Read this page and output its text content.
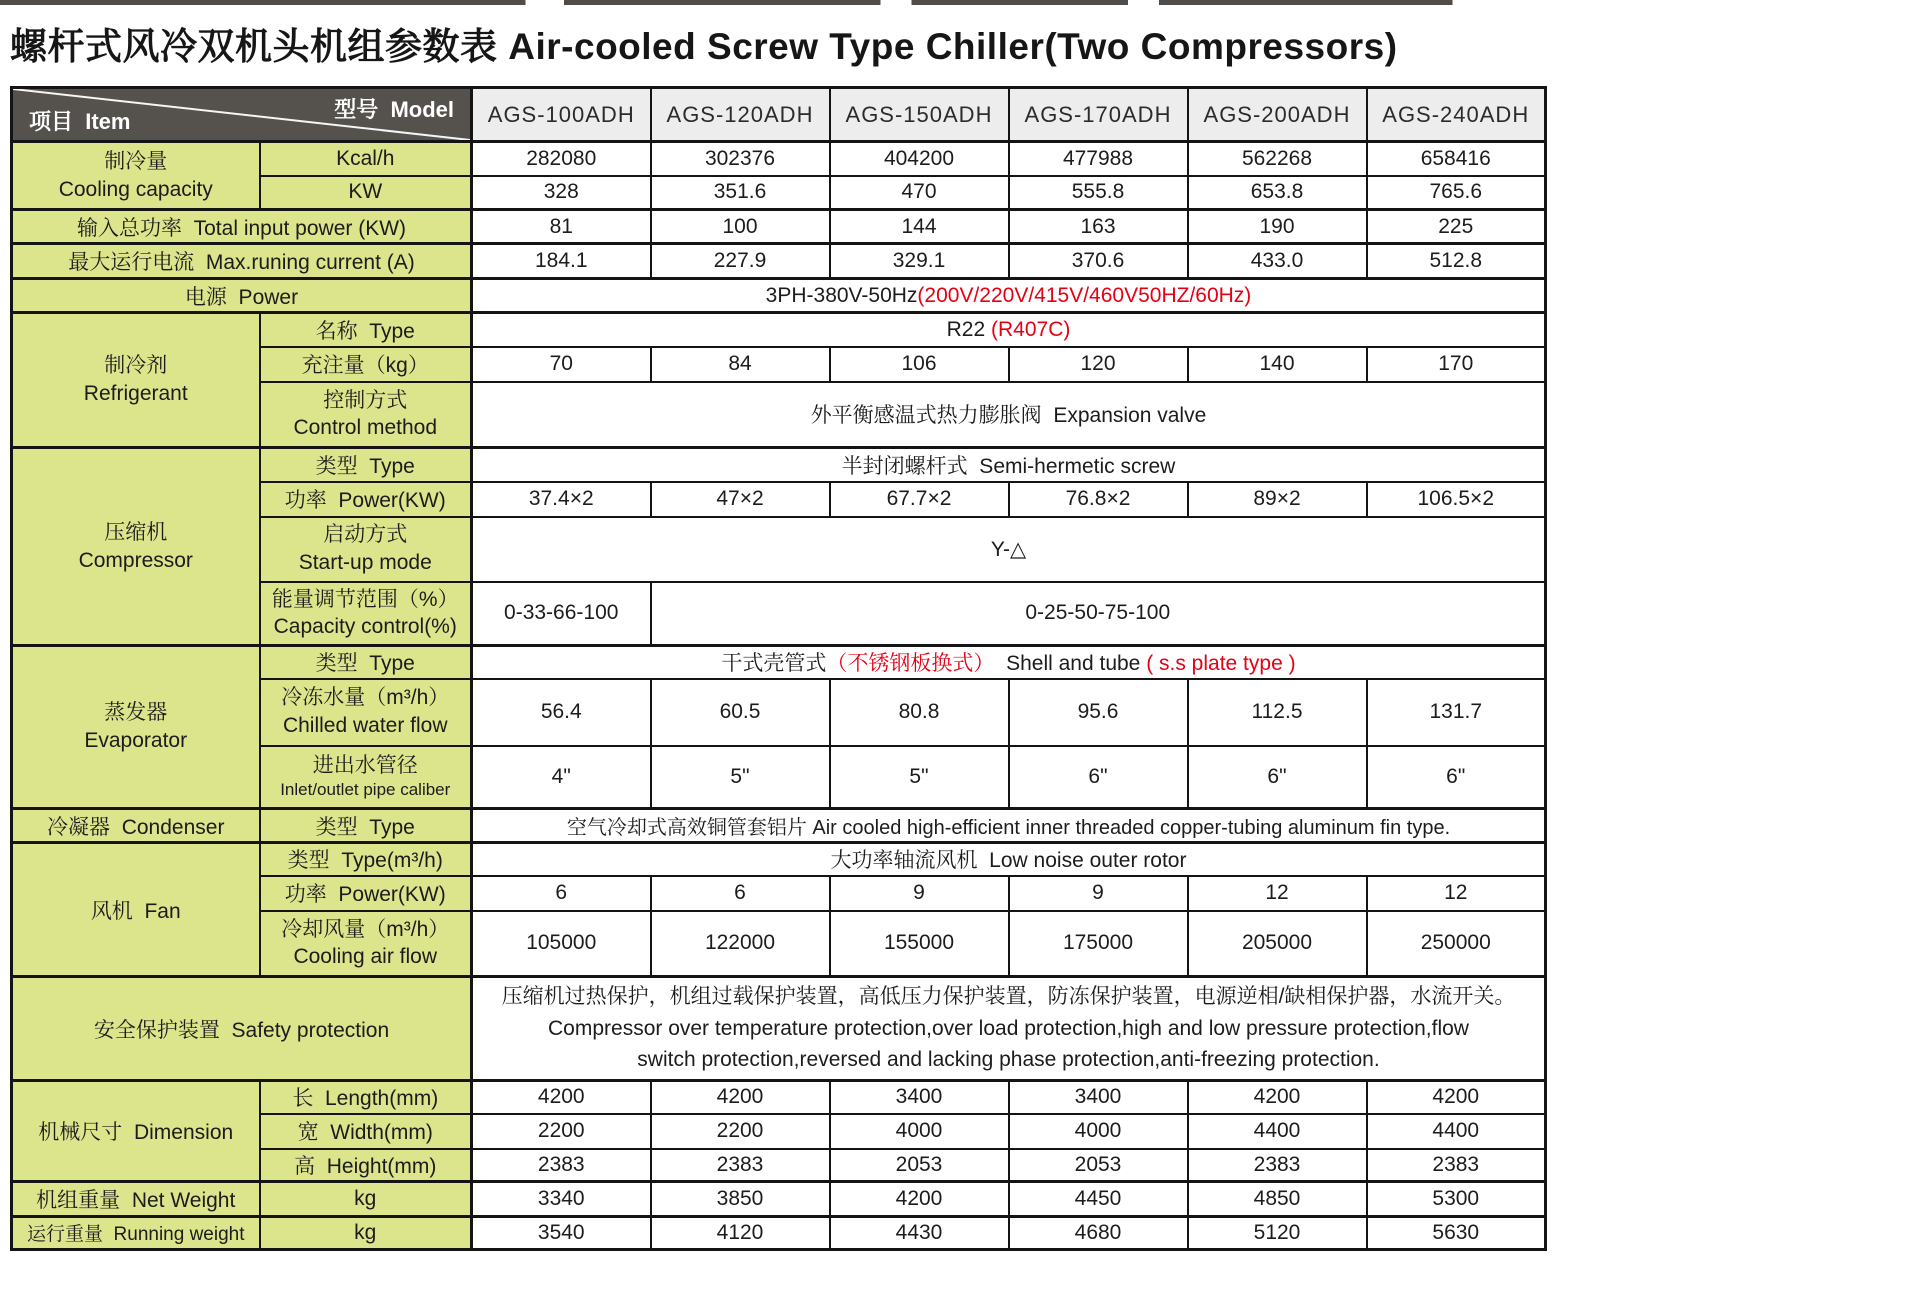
螺杆式风冷双机头机组参数表 Air-cooled Screw Type Chiller(Two Compressors)
型号  Model
项目  Item		AGS-100ADH	AGS-120ADH	AGS-150ADH	AGS-170ADH	AGS-200ADH	AGS-240ADH

制冷量
Cooling capacity	Kcal/h	282080	302376	404200	477988	562268	658416
	KW	328	351.6	470	555.8	653.8	765.6
输入总功率  Total input power (KW)		81	100	144	163	190	225
最大运行电流  Max.runing current (A)		184.1	227.9	329.1	370.6	433.0	512.8
电源  Power		3PH-380V-50Hz(200V/220V/415V/460V50HZ/60Hz)					

制冷剂
Refrigerant	名称  Type	R22 (R407C)					
	充注量（kg）	70	84	106	120	140	170

	控制方式
Control method	外平衡感温式热力膨胀阀  Expansion valve					

压缩机
Compressor	类型  Type	半封闭螺杆式  Semi-hermetic screw					
	功率  Power(KW)	37.4×2	47×2	67.7×2	76.8×2	89×2	106.5×2

	启动方式
Start-up mode	Y-△					

	能量调节范围（%）
Capacity control(%)	0-33-66-100	0-25-50-75-100				

蒸发器
Evaporator	类型  Type	干式壳管式（不锈钢板换式）  Shell and tube ( s.s plate type )					

	冷冻水量（m³/h）
Chilled water flow	56.4	60.5	80.8	95.6	112.5	131.7

	进出水管径
Inlet/outlet pipe caliber	4"	5"	5"	6"	6"	6"
冷凝器  Condenser	类型  Type	空气冷却式高效铜管套铝片 Air cooled high-efficient inner threaded copper-tubing aluminum fin type.					
风机  Fan	类型  Type(m³/h)	大功率轴流风机  Low noise outer rotor					
	功率  Power(KW)	6	6	9	9	12	12

	冷却风量（m³/h）
Cooling air flow	105000	122000	155000	175000	205000	250000
安全保护装置  Safety protection		压缩机过热保护，机组过载保护装置，高低压力保护装置，防冻保护装置，电源逆相/缺相保护器，水流开关。
Compressor over temperature protection,over load protection,high and low pressure protection,flow
switch protection,reversed and lacking phase protection,anti-freezing protection.					

机械尺寸  Dimension	长  Length(mm)	4200	4200	3400	3400	4200	4200
	宽  Width(mm)	2200	2200	4000	4000	4400	4400
	高  Height(mm)	2383	2383	2053	2053	2383	2383
机组重量  Net Weight	kg	3340	3850	4200	4450	4850	5300
运行重量  Running weight	kg	3540	4120	4430	4680	5120	5630
